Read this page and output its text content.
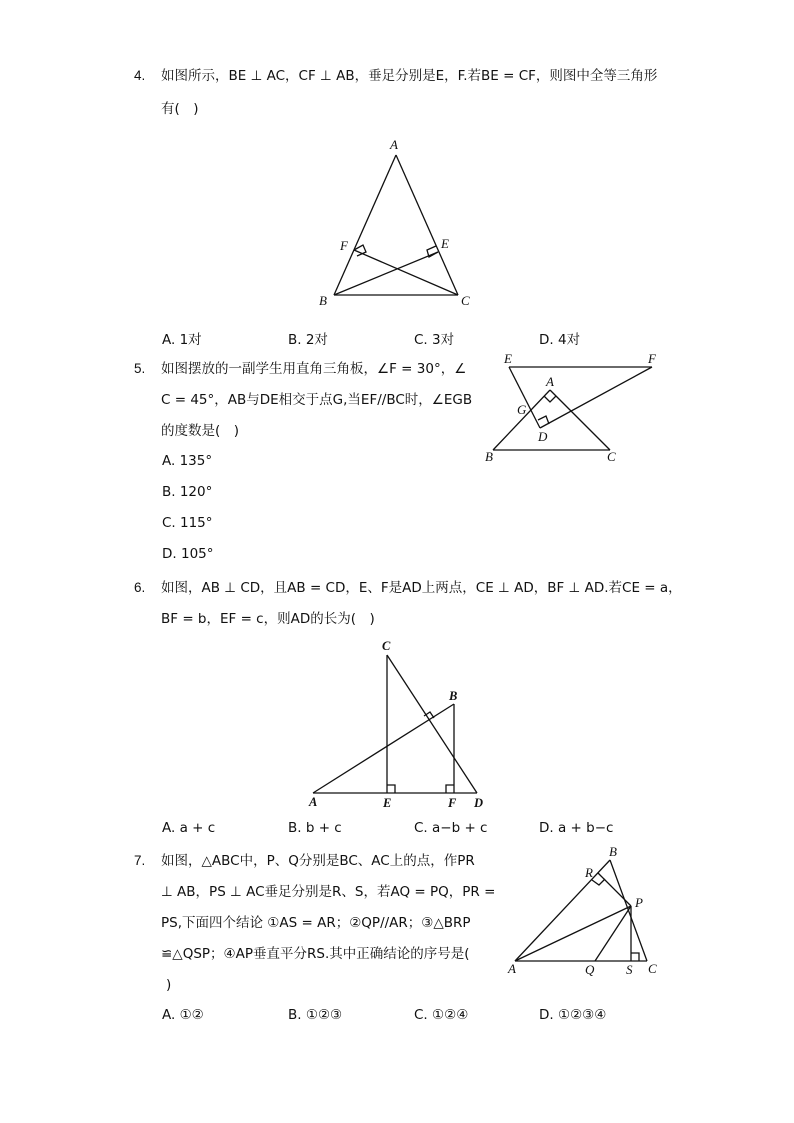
4. 如图所示，BE ⊥ AC，CF ⊥ AB，垂足分别是E，F.若BE = CF，则图中全等三角形
有(　)
A
B	C
E
F
A. 1对	B. 2对	C. 3对	D. 4对
5. 如图摆放的一副学生用直角三角板，∠F = 30°，∠
C = 45°，AB与DE相交于点G,当EF//BC时，∠EGB
的度数是(　)
E	F
A
G
D
B	C
A. 135°
B. 120°
C. 115°
D. 105°
6. 如图，AB ⊥ CD，且AB = CD，E、F是AD上两点，CE ⊥ AD，BF ⊥ AD.若CE = a，
BF = b，EF = c，则AD的长为(　)
C
B
A	E	F D
A. a + c	B. b + c	C. a−b + c	D. a + b−c
7. 如图，△ABC中，P、Q分别是BC、AC上的点，作PR
⊥ AB，PS ⊥ AC垂足分别是R、S，若AQ = PQ，PR =
PS,下面四个结论 ①AS = AR；②QP//AR；③△BRP
≌△QSP；④AP垂直平分RS.其中正确结论的序号是(
)
B
R
P
A	Q S C
A. ①②	B. ①②③	C. ①②④	D. ①②③④
